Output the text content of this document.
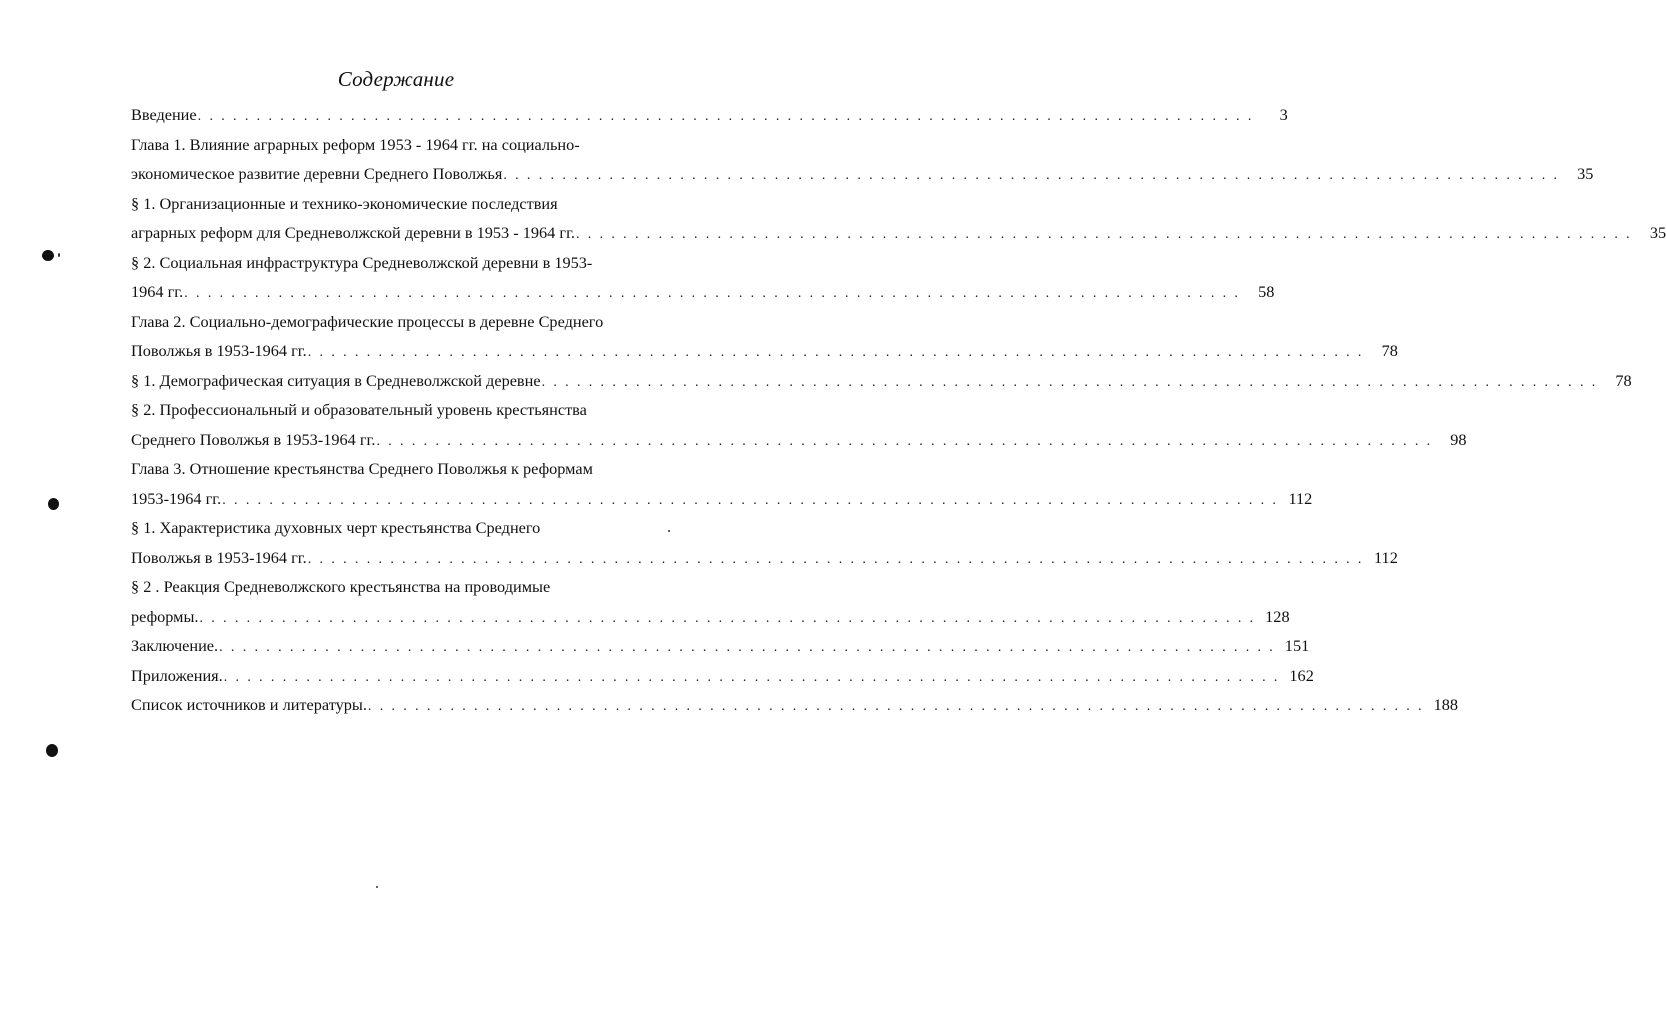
Содержание
Введение . . . . . . . . . . . . . . . . . . . . . . . . . . . . . . . . . . . . . . . . . . . . . . . . . . . . . . . . . . . . . . . . . . . . . . . . . . . . . . . . . . . . . . . . . .	3
Глава 1. Влияние аграрных реформ 1953 - 1964 гг. на социально-
экономическое развитие деревни Среднего Поволжья . . . . . . . . . . . . . . . . . . . . . . . . . . . . . . . . . . . . . . . . . . . . . . . . . . . . . . . . . . . . . . . . . . . . . . . . . . . . . . . . . . . . . . . . . .	35
§ 1. Организационные и технико-экономические последствия
аграрных реформ для Средневолжской деревни в 1953 - 1964 гг. . . . . . . . . . . . . . . . . . . . . . . . . . . . . . . . . . . . . . . . . . . . . . . . . . . . . . . . . . . . . . . . . . . . . . . . . . . . . . . . . . . . . . . . . . .	35
§ 2. Социальная инфраструктура Средневолжской деревни в 1953-
1964 гг. . . . . . . . . . . . . . . . . . . . . . . . . . . . . . . . . . . . . . . . . . . . . . . . . . . . . . . . . . . . . . . . . . . . . . . . . . . . . . . . . . . . . . . . . . .	58
Глава 2. Социально-демографические процессы в деревне Среднего
Поволжья в 1953-1964 гг. . . . . . . . . . . . . . . . . . . . . . . . . . . . . . . . . . . . . . . . . . . . . . . . . . . . . . . . . . . . . . . . . . . . . . . . . . . . . . . . . . . . . . . . . . .	78
§ 1. Демографическая ситуация в Средневолжской деревне . . . . . . . . . . . . . . . . . . . . . . . . . . . . . . . . . . . . . . . . . . . . . . . . . . . . . . . . . . . . . . . . . . . . . . . . . . . . . . . . . . . . . . . . . .	78
§ 2. Профессиональный и образовательный уровень крестьянства
Среднего Поволжья в 1953-1964 гг. . . . . . . . . . . . . . . . . . . . . . . . . . . . . . . . . . . . . . . . . . . . . . . . . . . . . . . . . . . . . . . . . . . . . . . . . . . . . . . . . . . . . . . . . . .	98
Глава 3. Отношение крестьянства Среднего Поволжья к реформам
1953-1964 гг. . . . . . . . . . . . . . . . . . . . . . . . . . . . . . . . . . . . . . . . . . . . . . . . . . . . . . . . . . . . . . . . . . . . . . . . . . . . . . . . . . . . . . . . . . . 112
§ 1. Характеристика духовных черт крестьянства Среднего
Поволжья в 1953-1964 гг. . . . . . . . . . . . . . . . . . . . . . . . . . . . . . . . . . . . . . . . . . . . . . . . . . . . . . . . . . . . . . . . . . . . . . . . . . . . . . . . . . . . . . . . . . . 112
§ 2 . Реакция Средневолжского крестьянства на проводимые
реформы. . . . . . . . . . . . . . . . . . . . . . . . . . . . . . . . . . . . . . . . . . . . . . . . . . . . . . . . . . . . . . . . . . . . . . . . . . . . . . . . . . . . . . . . . . . 128
Заключение. . . . . . . . . . . . . . . . . . . . . . . . . . . . . . . . . . . . . . . . . . . . . . . . . . . . . . . . . . . . . . . . . . . . . . . . . . . . . . . . . . . . . . . . . . . 151
Приложения. . . . . . . . . . . . . . . . . . . . . . . . . . . . . . . . . . . . . . . . . . . . . . . . . . . . . . . . . . . . . . . . . . . . . . . . . . . . . . . . . . . . . . . . . . . 162
Список источников и литературы. . . . . . . . . . . . . . . . . . . . . . . . . . . . . . . . . . . . . . . . . . . . . . . . . . . . . . . . . . . . . . . . . . . . . . . . . . . . . . . . . . . . . . . . . . . 188
